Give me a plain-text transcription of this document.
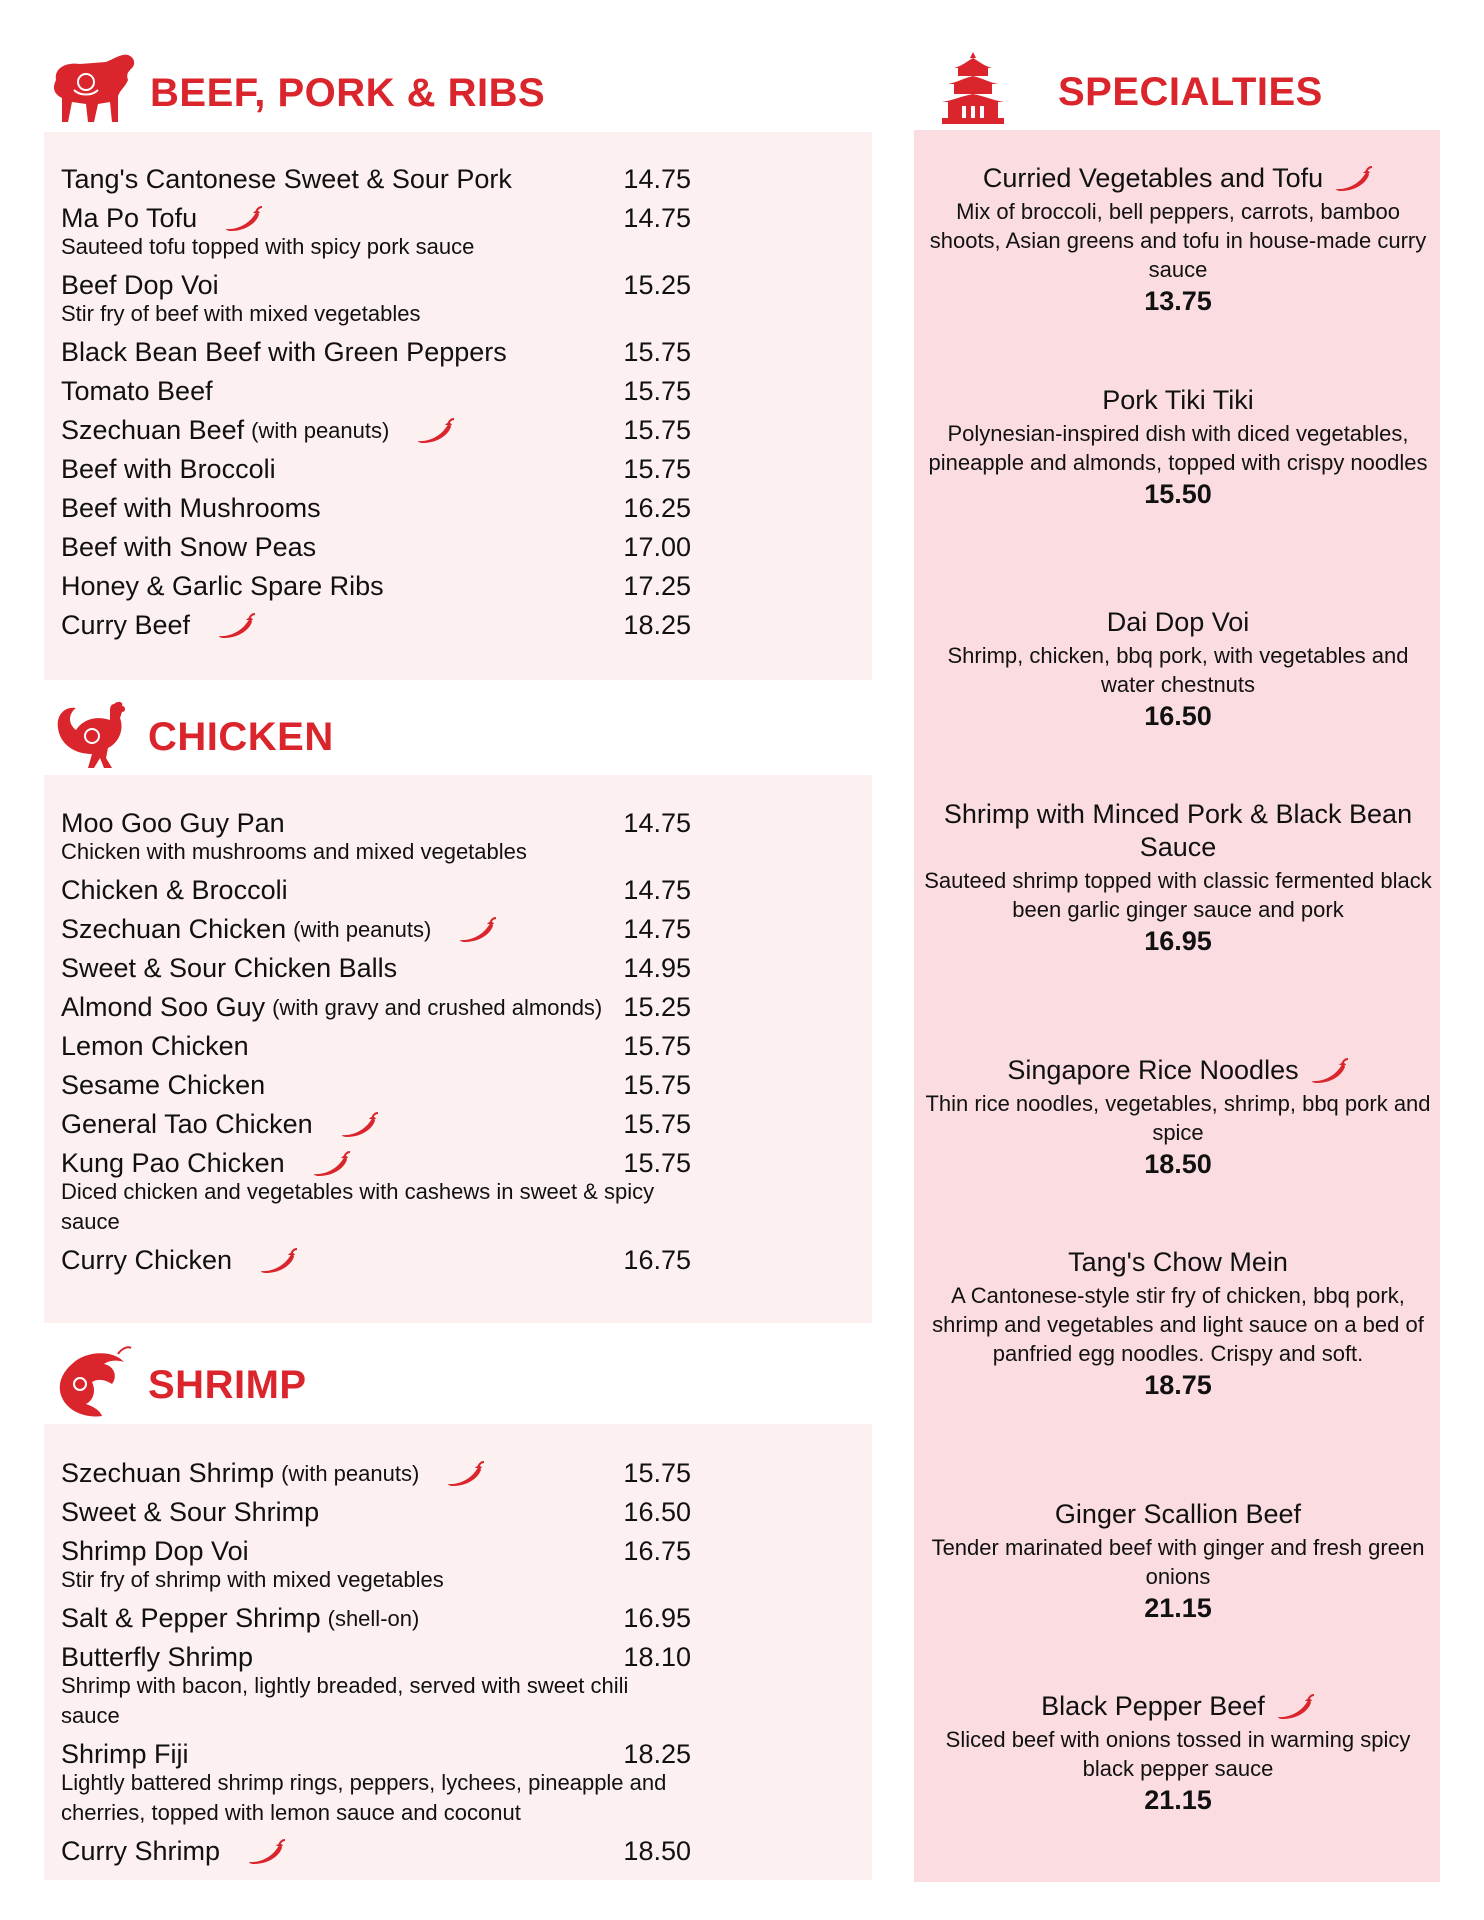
BEEF, PORK & RIBS
Tang's Cantonese Sweet & Sour Pork	14.75
Ma Po Tofu	14.75
Sauteed tofu topped with spicy pork sauce
Beef Dop Voi	15.25
Stir fry of beef with mixed vegetables
Black Bean Beef with Green Peppers	15.75
Tomato Beef	15.75
Szechuan Beef (with peanuts)	15.75
Beef with Broccoli	15.75
Beef with Mushrooms	16.25
Beef with Snow Peas	17.00
Honey & Garlic Spare Ribs	17.25
Curry Beef	18.25
CHICKEN
Moo Goo Guy Pan	14.75
Chicken with mushrooms and mixed vegetables
Chicken & Broccoli	14.75
Szechuan Chicken (with peanuts)	14.75
Sweet & Sour Chicken Balls	14.95
Almond Soo Guy (with gravy and crushed almonds) 15.25
Lemon Chicken	15.75
Sesame Chicken	15.75
General Tao Chicken	15.75
Kung Pao Chicken	15.75
Diced chicken and vegetables with cashews in sweet & spicy sauce
Curry Chicken	16.75
SHRIMP
Szechuan Shrimp (with peanuts)	15.75
Sweet & Sour Shrimp	16.50
Shrimp Dop Voi	16.75
Stir fry of shrimp with mixed vegetables
Salt & Pepper Shrimp (shell-on)	16.95
Butterfly Shrimp	18.10
Shrimp with bacon, lightly breaded, served with sweet chili sauce
Shrimp Fiji	18.25
Lightly battered shrimp rings, peppers, lychees, pineapple and cherries, topped with lemon sauce and coconut
Curry Shrimp	18.50
SPECIALTIES
Curried Vegetables and Tofu
Mix of broccoli, bell peppers, carrots, bamboo shoots, Asian greens and tofu in house-made curry sauce
13.75
Pork Tiki Tiki
Polynesian-inspired dish with diced vegetables, pineapple and almonds, topped with crispy noodles
15.50
Dai Dop Voi
Shrimp, chicken, bbq pork, with vegetables and water chestnuts
16.50
Shrimp with Minced Pork & Black Bean Sauce
Sauteed shrimp topped with classic fermented black been garlic ginger sauce and pork
16.95
Singapore Rice Noodles
Thin rice noodles, vegetables, shrimp, bbq pork and spice
18.50
Tang's Chow Mein
A Cantonese-style stir fry of chicken, bbq pork, shrimp and vegetables and light sauce on a bed of panfried egg noodles. Crispy and soft.
18.75
Ginger Scallion Beef
Tender marinated beef with ginger and fresh green onions
21.15
Black Pepper Beef
Sliced beef with onions tossed in warming spicy black pepper sauce
21.15
